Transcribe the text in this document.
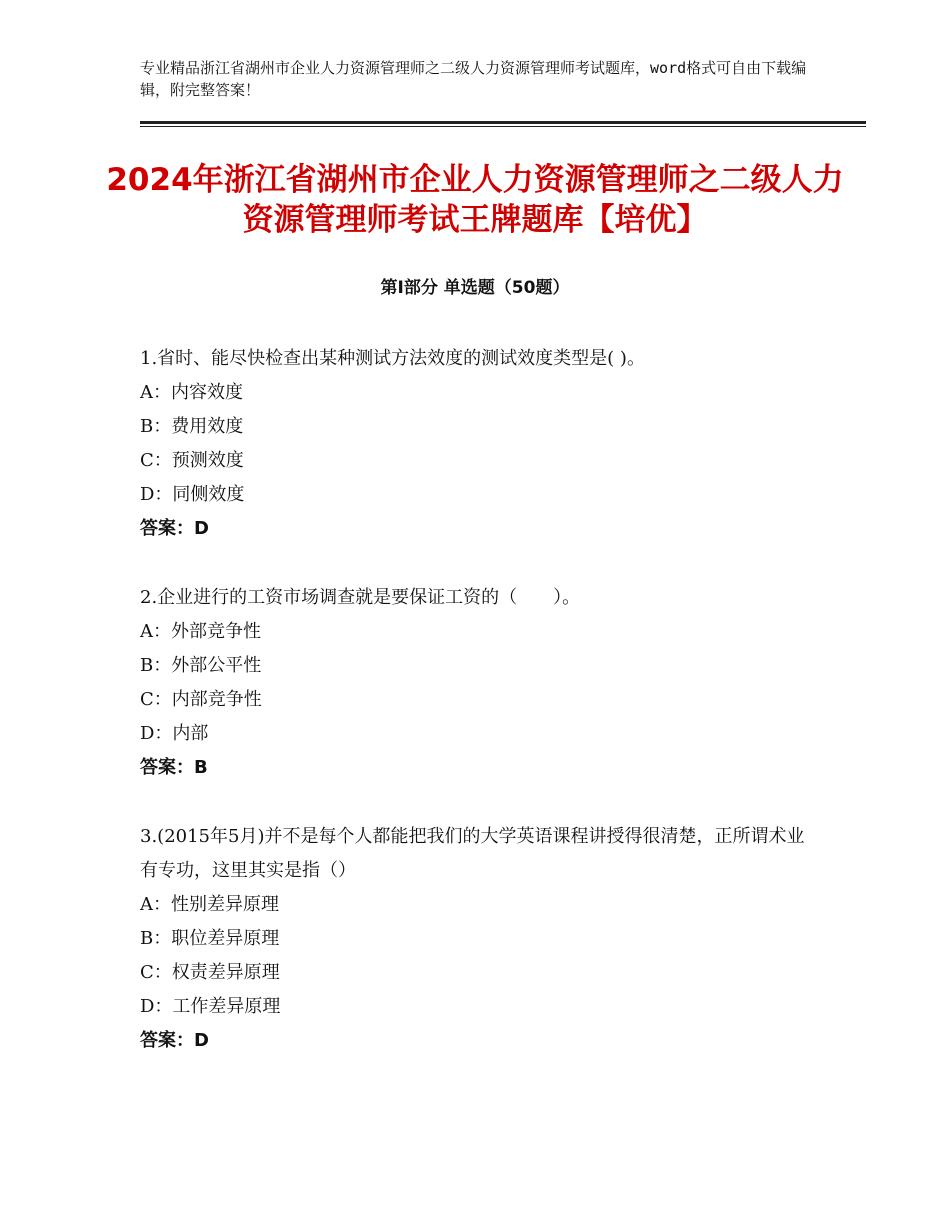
专业精品浙江省湖州市企业人力资源管理师之二级人力资源管理师考试题库，word格式可自由下载编辑，附完整答案！
2024年浙江省湖州市企业人力资源管理师之二级人力资源管理师考试王牌题库【培优】
第Ⅰ部分 单选题（50题）
1.省时、能尽快检查出某种测试方法效度的测试效度类型是( )。
A：内容效度
B：费用效度
C：预测效度
D：同侧效度
答案：D
2.企业进行的工资市场调查就是要保证工资的（　　）。
A：外部竞争性
B：外部公平性
C：内部竞争性
D：内部
答案：B
3.(2015年5月)并不是每个人都能把我们的大学英语课程讲授得很清楚，正所谓术业有专功，这里其实是指（）
A：性别差异原理
B：职位差异原理
C：权责差异原理
D：工作差异原理
答案：D
